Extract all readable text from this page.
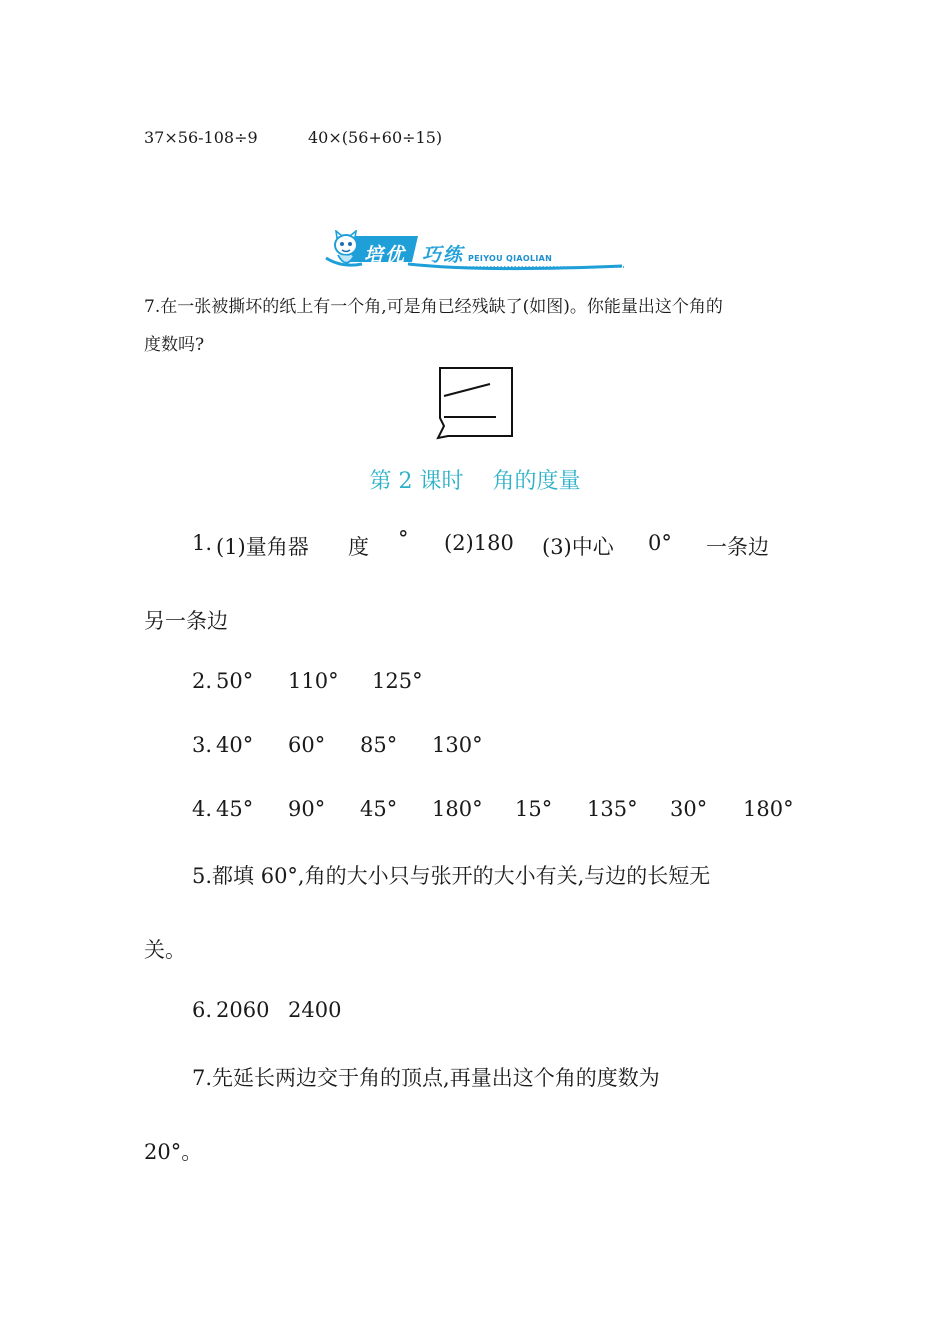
37×56-108÷9	40×(56+60÷15)
培优 巧练 PEIYOU QIAOLIAN
7.在一张被撕坏的纸上有一个角,可是角已经残缺了(如图)。你能量出这个角的
度数吗?
第 2 课时　 角的度量
1. (1)量角器 度 ° (2)180 (3)中心 0° 一条边
另一条边
2. 50° 110° 125°
3. 40° 60° 85° 130°
4. 45° 90° 45° 180° 15° 135° 30° 180°
5.都填 60°,角的大小只与张开的大小有关,与边的长短无
关。
6. 2060 2400
7.先延长两边交于角的顶点,再量出这个角的度数为
20°。
